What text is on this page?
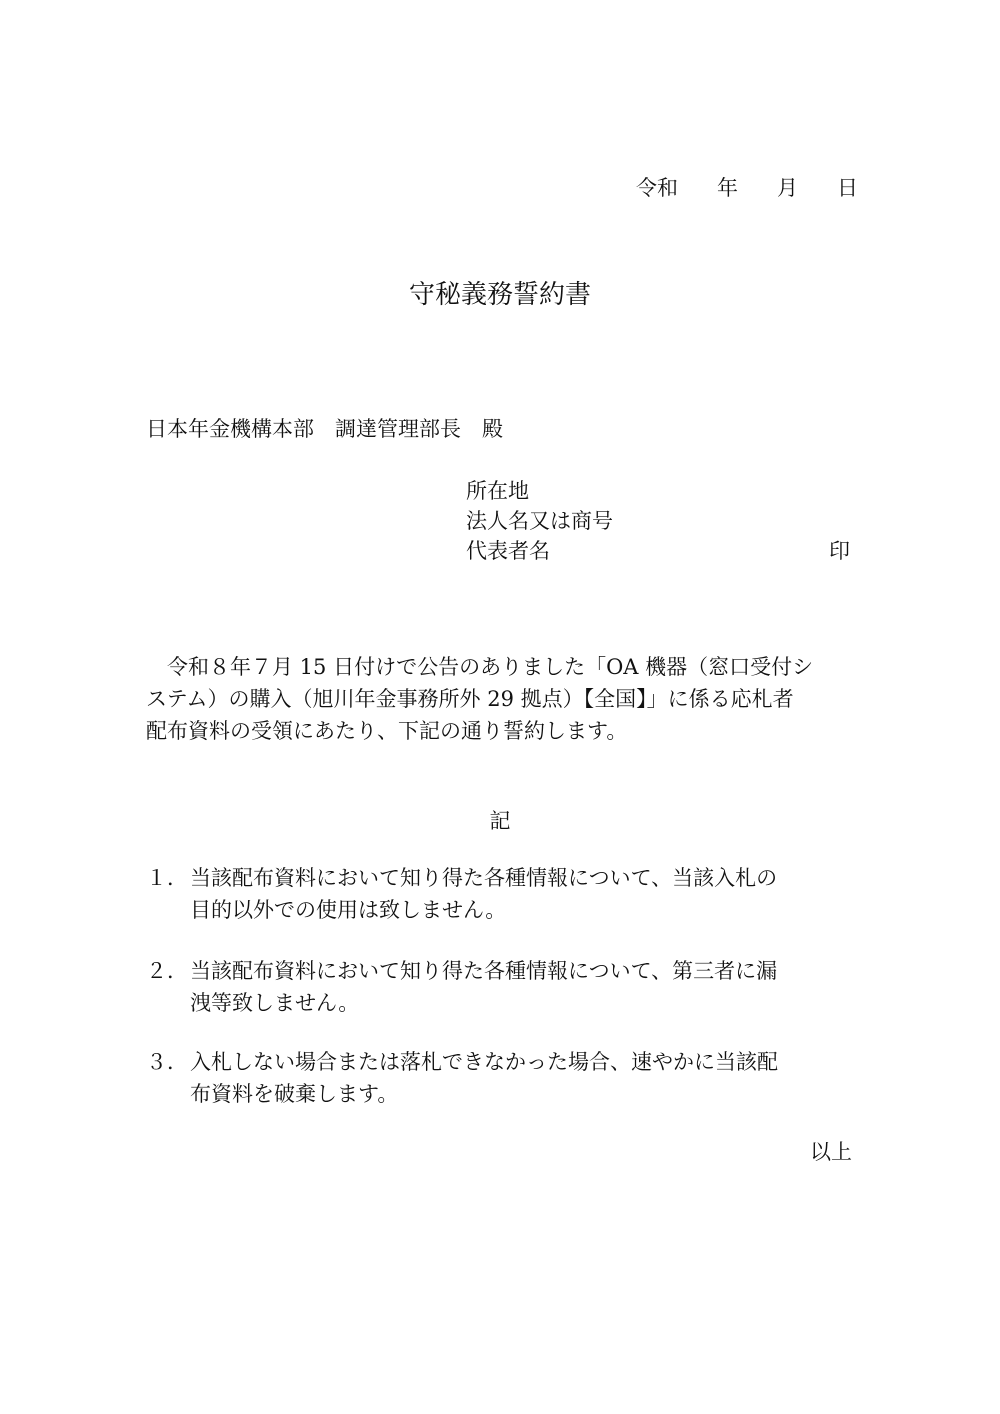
令和 年 月 日
守秘義務誓約書
日本年金機構本部　調達管理部長　殿
所在地
法人名又は商号
代表者名	印
令和８年７月 15 日付けで公告のありました「OA 機器（窓口受付シ
ステム）の購入（旭川年金事務所外 29 拠点）【全国】」に係る応札者
配布資料の受領にあたり、下記の通り誓約します。
記
１． 当該配布資料において知り得た各種情報について、当該入札の
目的以外での使用は致しません。
２． 当該配布資料において知り得た各種情報について、第三者に漏
洩等致しません。
３． 入札しない場合または落札できなかった場合、速やかに当該配
布資料を破棄します。
以上
